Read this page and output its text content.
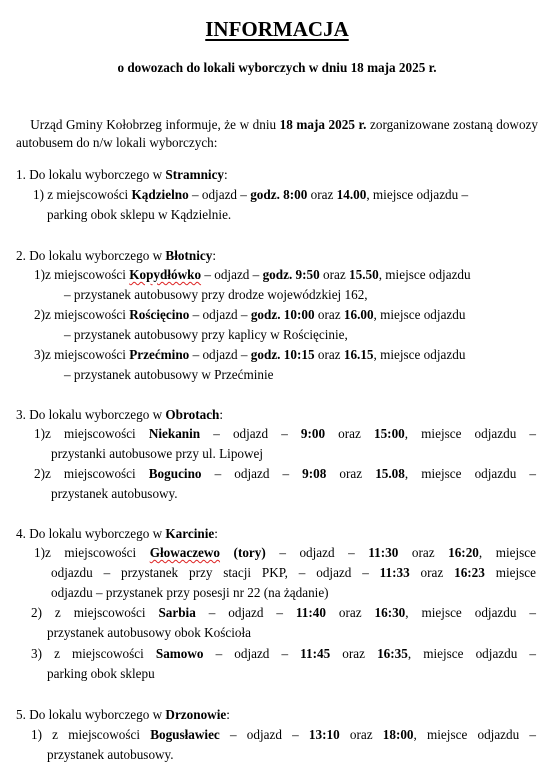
INFORMACJA
o dowozach do lokali wyborczych w dniu 18 maja 2025 r.
Urząd Gminy Kołobrzeg informuje, że w dniu 18 maja 2025 r. zorganizowane zostaną dowozy autobusem do n/w lokali wyborczych:
1. Do lokalu wyborczego w Stramnicy:
1) z miejscowości Kądzielno – odjazd – godz. 8:00 oraz 14.00, miejsce odjazdu –
parking obok sklepu w Kądzielnie.
2. Do lokalu wyborczego w Błotnicy:
1)z miejscowości Kopydłówko – odjazd – godz. 9:50 oraz 15.50, miejsce odjazdu
– przystanek autobusowy przy drodze wojewódzkiej 162,
2)z miejscowości Rościęcino – odjazd – godz. 10:00 oraz 16.00, miejsce odjazdu
– przystanek autobusowy przy kaplicy w Rościęcinie,
3)z miejscowości Przećmino – odjazd – godz. 10:15 oraz 16.15, miejsce odjazdu
– przystanek autobusowy w Przećminie
3. Do lokalu wyborczego w Obrotach:
1)z miejscowości Niekanin – odjazd – 9:00 oraz 15:00, miejsce odjazdu –
przystanki autobusowe przy ul. Lipowej
2)z miejscowości Bogucino – odjazd – 9:08 oraz 15.08, miejsce odjazdu –
przystanek autobusowy.
4. Do lokalu wyborczego w Karcinie:
1)z miejscowości Głowaczewo (tory) – odjazd – 11:30 oraz 16:20, miejsce
odjazdu – przystanek przy stacji PKP, – odjazd – 11:33 oraz 16:23 miejsce
odjazdu – przystanek przy posesji nr 22 (na żądanie)
2) z miejscowości Sarbia – odjazd – 11:40 oraz 16:30, miejsce odjazdu –
przystanek autobusowy obok Kościoła
3) z miejscowości Samowo – odjazd – 11:45 oraz 16:35, miejsce odjazdu –
parking obok sklepu
5. Do lokalu wyborczego w Drzonowie:
1) z miejscowości Bogusławiec – odjazd – 13:10 oraz 18:00, miejsce odjazdu –
przystanek autobusowy.
